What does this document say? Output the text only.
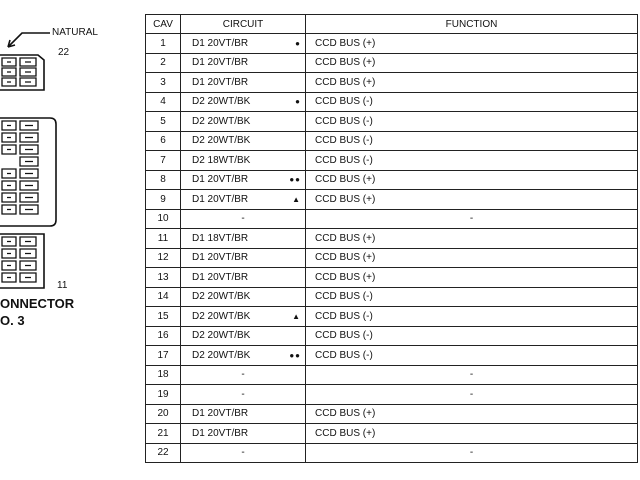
NATURAL
22
11
ONNECTOR
O. 3
CAV	CIRCUIT	FUNCTION
1	D1 20VT/BR ●	CCD BUS (+)
2	D1 20VT/BR	CCD BUS (+)
3	D1 20VT/BR	CCD BUS (+)
4	D2 20WT/BK ●	CCD BUS (-)
5	D2 20WT/BK	CCD BUS (-)
6	D2 20WT/BK	CCD BUS (-)
7	D2 18WT/BK	CCD BUS (-)
8	D1 20VT/BR ●●	CCD BUS (+)
9	D1 20VT/BR ▲	CCD BUS (+)
10	-	-
11	D1 18VT/BR	CCD BUS (+)
12	D1 20VT/BR	CCD BUS (+)
13	D1 20VT/BR	CCD BUS (+)
14	D2 20WT/BK	CCD BUS (-)
15	D2 20WT/BK ▲	CCD BUS (-)
16	D2 20WT/BK	CCD BUS (-)
17	D2 20WT/BK ●●	CCD BUS (-)
18	-	-
19	-	-
20	D1 20VT/BR	CCD BUS (+)
21	D1 20VT/BR	CCD BUS (+)
22	-	-
